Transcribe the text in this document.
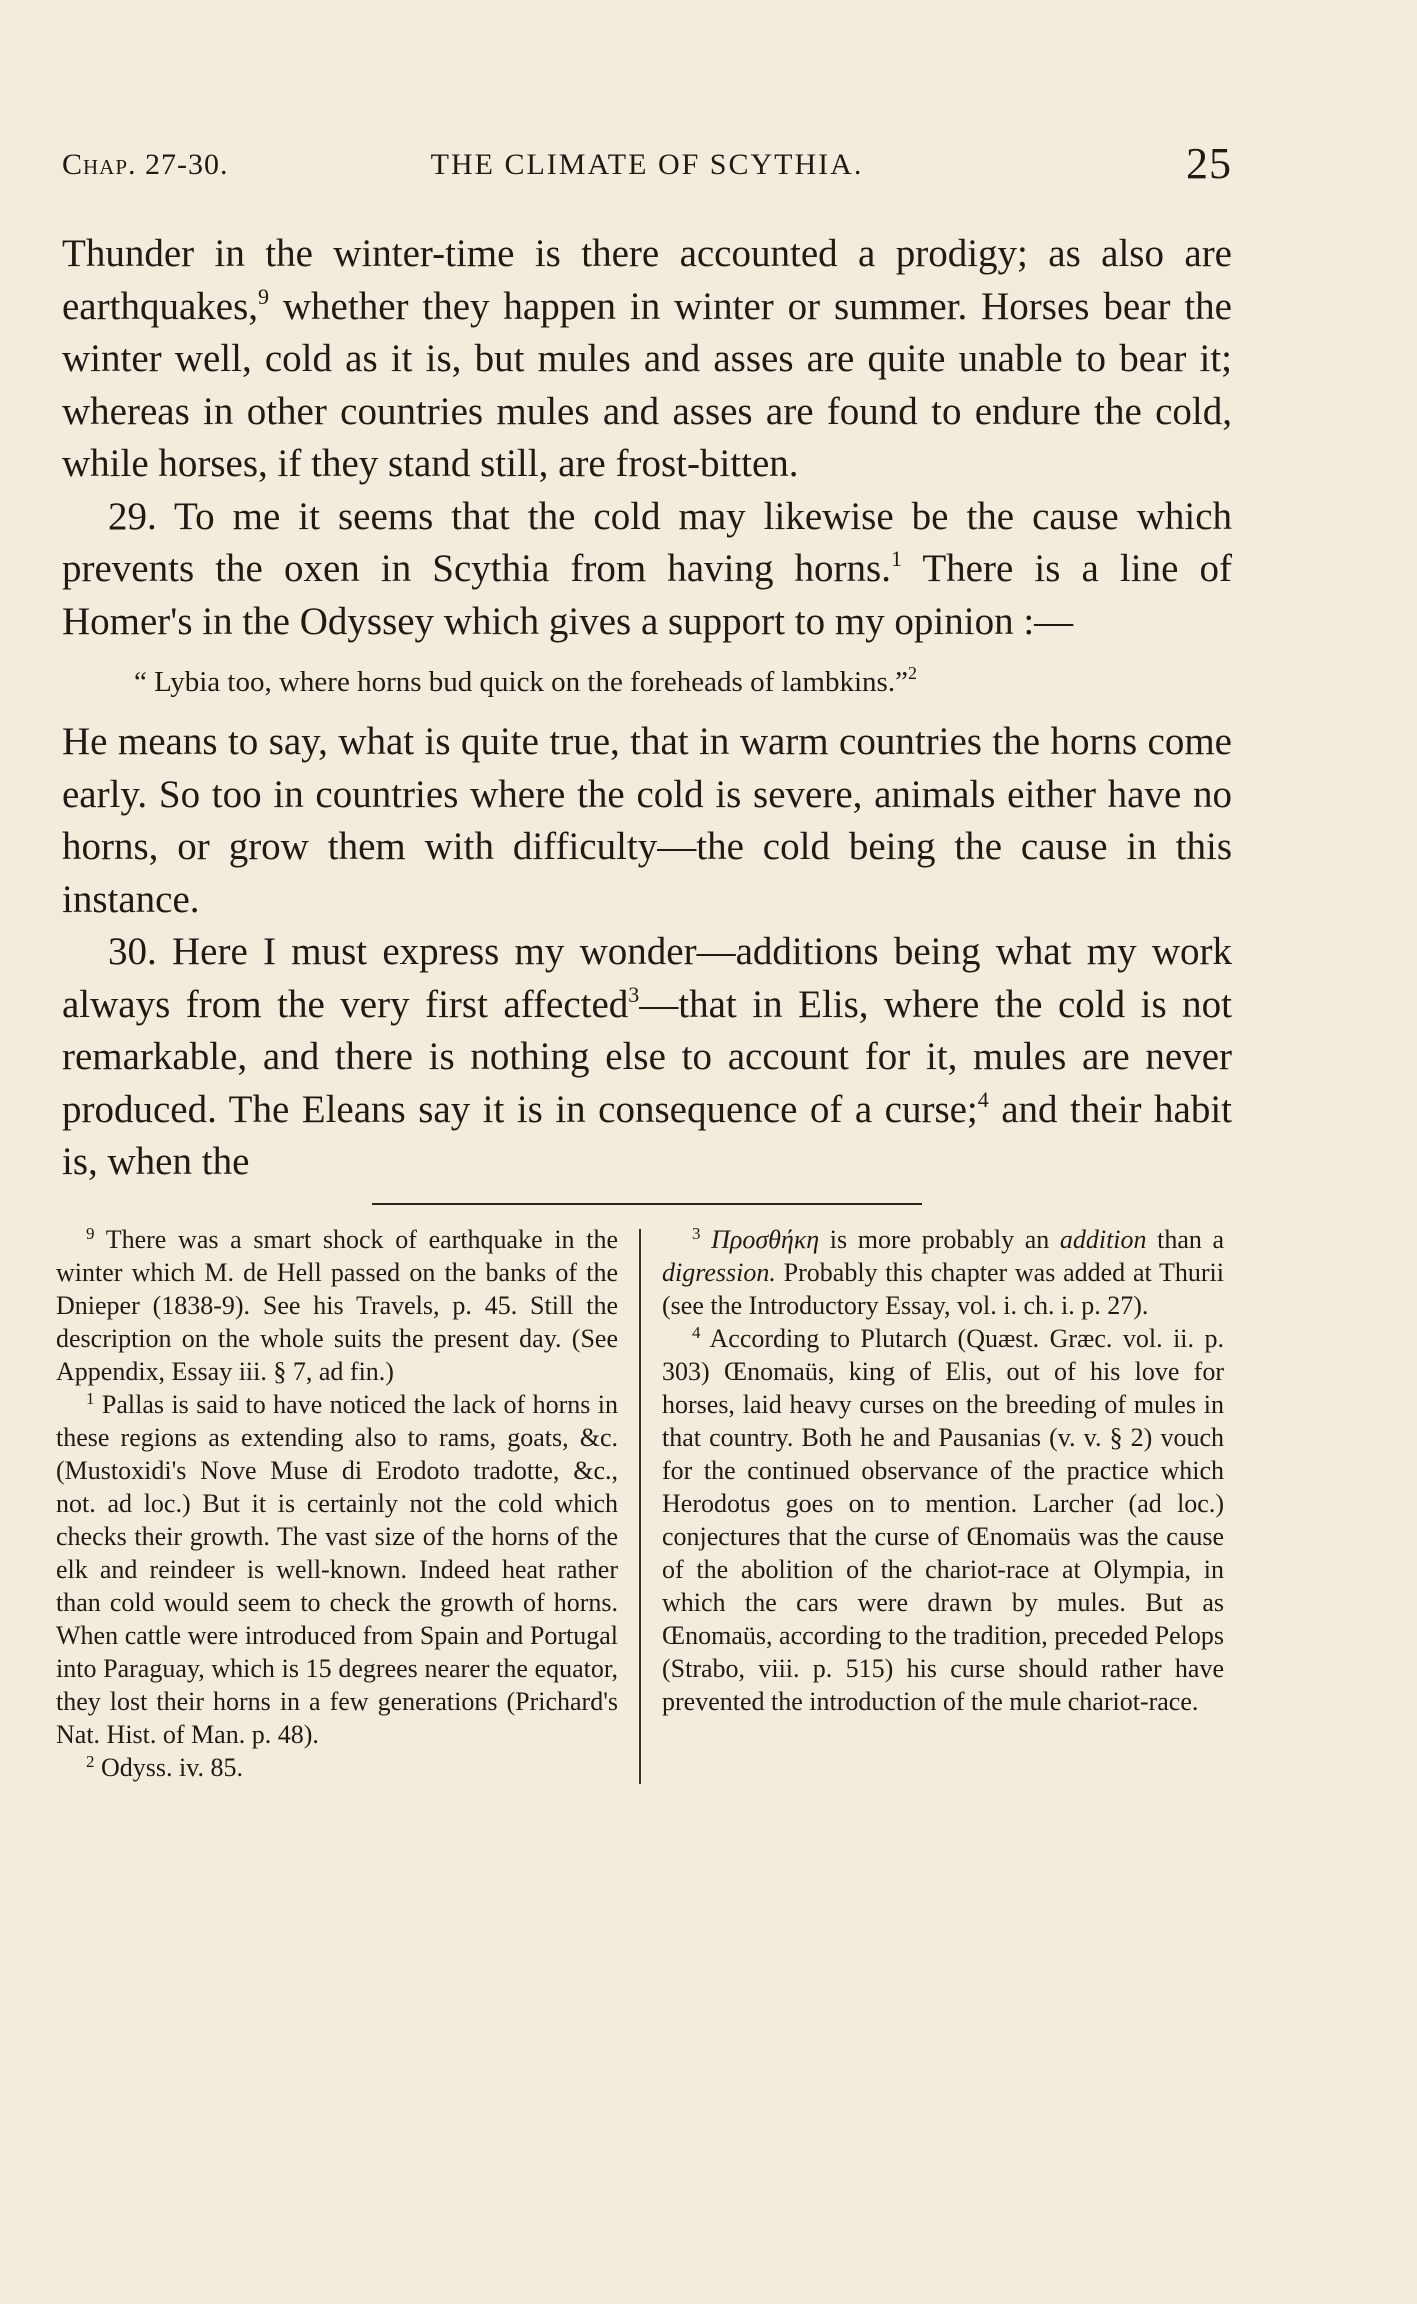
Chap. 27-30.	THE CLIMATE OF SCYTHIA.	25

Thunder in the winter-time is there accounted a prodigy; as also are earthquakes,$^9$ whether they happen in winter or summer. Horses bear the winter well, cold as it is, but mules and asses are quite unable to bear it; whereas in other countries mules and asses are found to endure the cold, while horses, if they stand still, are frost-bitten.

29. To me it seems that the cold may likewise be the cause which prevents the oxen in Scythia from having horns.$^1$ There is a line of Homer's in the Odyssey which gives a support to my opinion :—

“ Lybia too, where horns bud quick on the foreheads of lambkins.”$^2$

He means to say, what is quite true, that in warm countries the horns come early. So too in countries where the cold is severe, animals either have no horns, or grow them with difficulty—the cold being the cause in this instance.

30. Here I must express my wonder—additions being what my work always from the very first affected$^3$—that in Elis, where the cold is not remarkable, and there is nothing else to account for it, mules are never produced. The Eleans say it is in consequence of a curse;$^4$ and their habit is, when the

$^9$ There was a smart shock of earthquake in the winter which M. de Hell passed on the banks of the Dnieper (1838-9). See his Travels, p. 45. Still the description on the whole suits the present day. (See Appendix, Essay iii. § 7, ad fin.)

$^1$ Pallas is said to have noticed the lack of horns in these regions as extending also to rams, goats, &c. (Mustoxidi's Nove Muse di Erodoto tradotte, &c., not. ad loc.) But it is certainly not the cold which checks their growth. The vast size of the horns of the elk and reindeer is well-known. Indeed heat rather than cold would seem to check the growth of horns. When cattle were introduced from Spain and Portugal into Paraguay, which is 15 degrees nearer the equator, they lost their horns in a few generations (Prichard's Nat. Hist. of Man. p. 48).

$^2$ Odyss. iv. 85.

$^3$ Προσθήκη is more probably an addition than a digression. Probably this chapter was added at Thurii (see the Introductory Essay, vol. i. ch. i. p. 27).

$^4$ According to Plutarch (Quæst. Græc. vol. ii. p. 303) Œnomaüs, king of Elis, out of his love for horses, laid heavy curses on the breeding of mules in that country. Both he and Pausanias (v. v. § 2) vouch for the continued observance of the practice which Herodotus goes on to mention. Larcher (ad loc.) conjectures that the curse of Œnomaüs was the cause of the abolition of the chariot-race at Olympia, in which the cars were drawn by mules. But as Œnomaüs, according to the tradition, preceded Pelops (Strabo, viii. p. 515) his curse should rather have prevented the introduction of the mule chariot-race.
